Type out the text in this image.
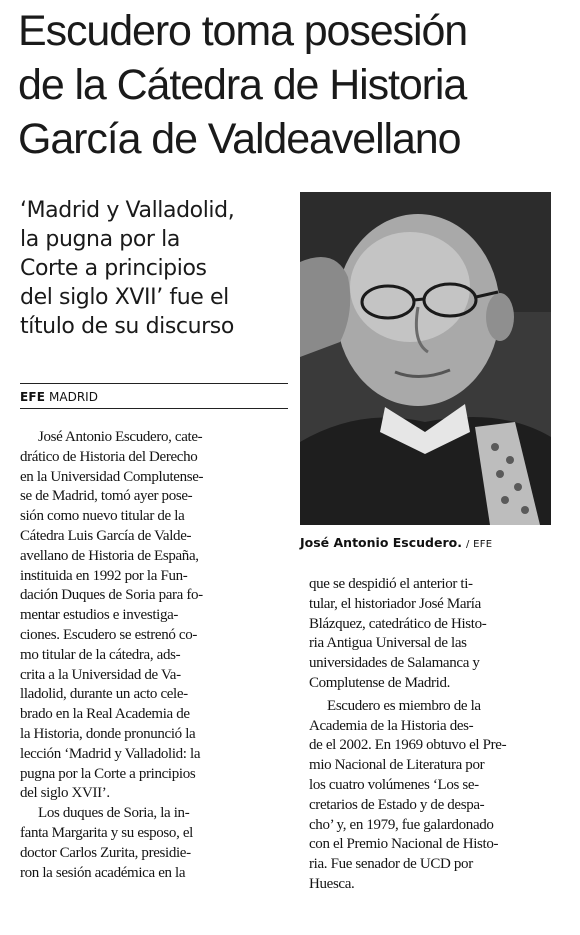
Escudero toma posesión
de la Cátedra de Historia
García de Valdeavellano
‘Madrid y Valladolid,
la pugna por la
Corte a principios
del siglo XVII’ fue el
título de su discurso
EFE MADRID
José Antonio Escudero. / EFE
José Antonio Escudero, cate-
drático de Historia del Derecho
en la Universidad Complutense-
se de Madrid, tomó ayer pose-
sión como nuevo titular de la
Cátedra Luis García de Valde-
avellano de Historia de España,
instituida en 1992 por la Fun-
dación Duques de Soria para fo-
mentar estudios e investiga-
ciones. Escudero se estrenó co-
mo titular de la cátedra, ads-
crita a la Universidad de Va-
lladolid, durante un acto cele-
brado en la Real Academia de
la Historia, donde pronunció la
lección ‘Madrid y Valladolid: la
pugna por la Corte a principios
del siglo XVII’.
Los duques de Soria, la in-
fanta Margarita y su esposo, el
doctor Carlos Zurita, presidie-
ron la sesión académica en la
que se despidió el anterior ti-
tular, el historiador José María
Blázquez, catedrático de Histo-
ria Antigua Universal de las
universidades de Salamanca y
Complutense de Madrid.
Escudero es miembro de la
Academia de la Historia des-
de el 2002. En 1969 obtuvo el Pre-
mio Nacional de Literatura por
los cuatro volúmenes ‘Los se-
cretarios de Estado y de despa-
cho’ y, en 1979, fue galardonado
con el Premio Nacional de Histo-
ria. Fue senador de UCD por
Huesca.
